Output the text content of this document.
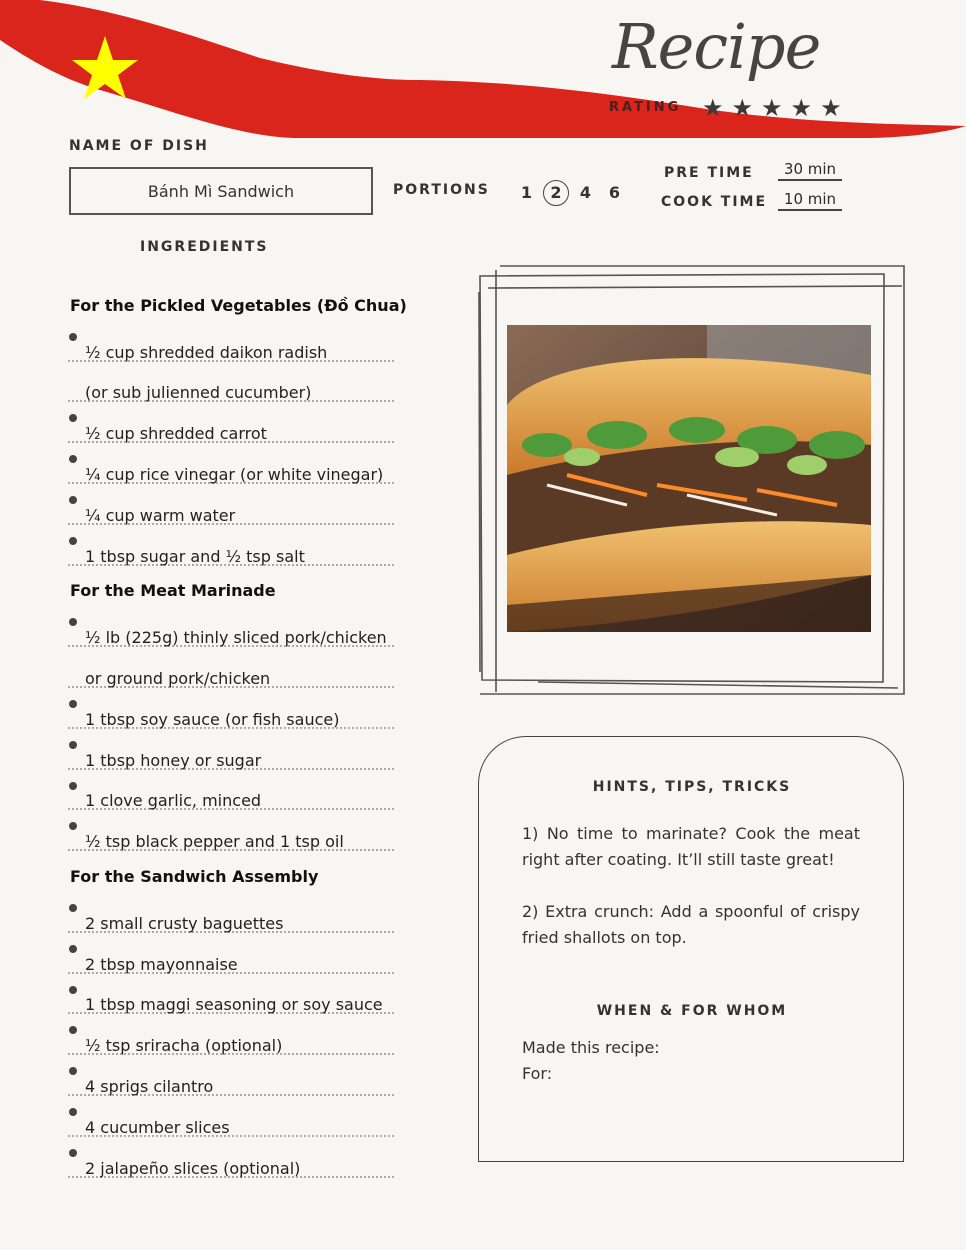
Recipe
RATING ★★★★★
NAME OF DISH
Bánh Mì Sandwich	PORTIONS	1 2 4 6
PRE TIME	30 min
COOK TIME	10 min
INGREDIENTS
For the Pickled Vegetables (Đồ Chua)
½ cup shredded daikon radish
(or sub julienned cucumber)
½ cup shredded carrot
¼ cup rice vinegar (or white vinegar)
¼ cup warm water
1 tbsp sugar and ½ tsp salt
For the Meat Marinade
½ lb (225g) thinly sliced pork/chicken
or ground pork/chicken
1 tbsp soy sauce (or fish sauce)
1 tbsp honey or sugar
1 clove garlic, minced
½ tsp black pepper and 1 tsp oil
For the Sandwich Assembly
2 small crusty baguettes
2 tbsp mayonnaise
1 tbsp maggi seasoning or soy sauce
½ tsp sriracha (optional)
4 sprigs cilantro
4 cucumber slices
2 jalapeño slices (optional)
HINTS, TIPS, TRICKS
1) No time to marinate? Cook the meat right after coating. It’ll still taste great!
2) Extra crunch: Add a spoonful of crispy fried shallots on top.
WHEN & FOR WHOM
Made this recipe:
For:
